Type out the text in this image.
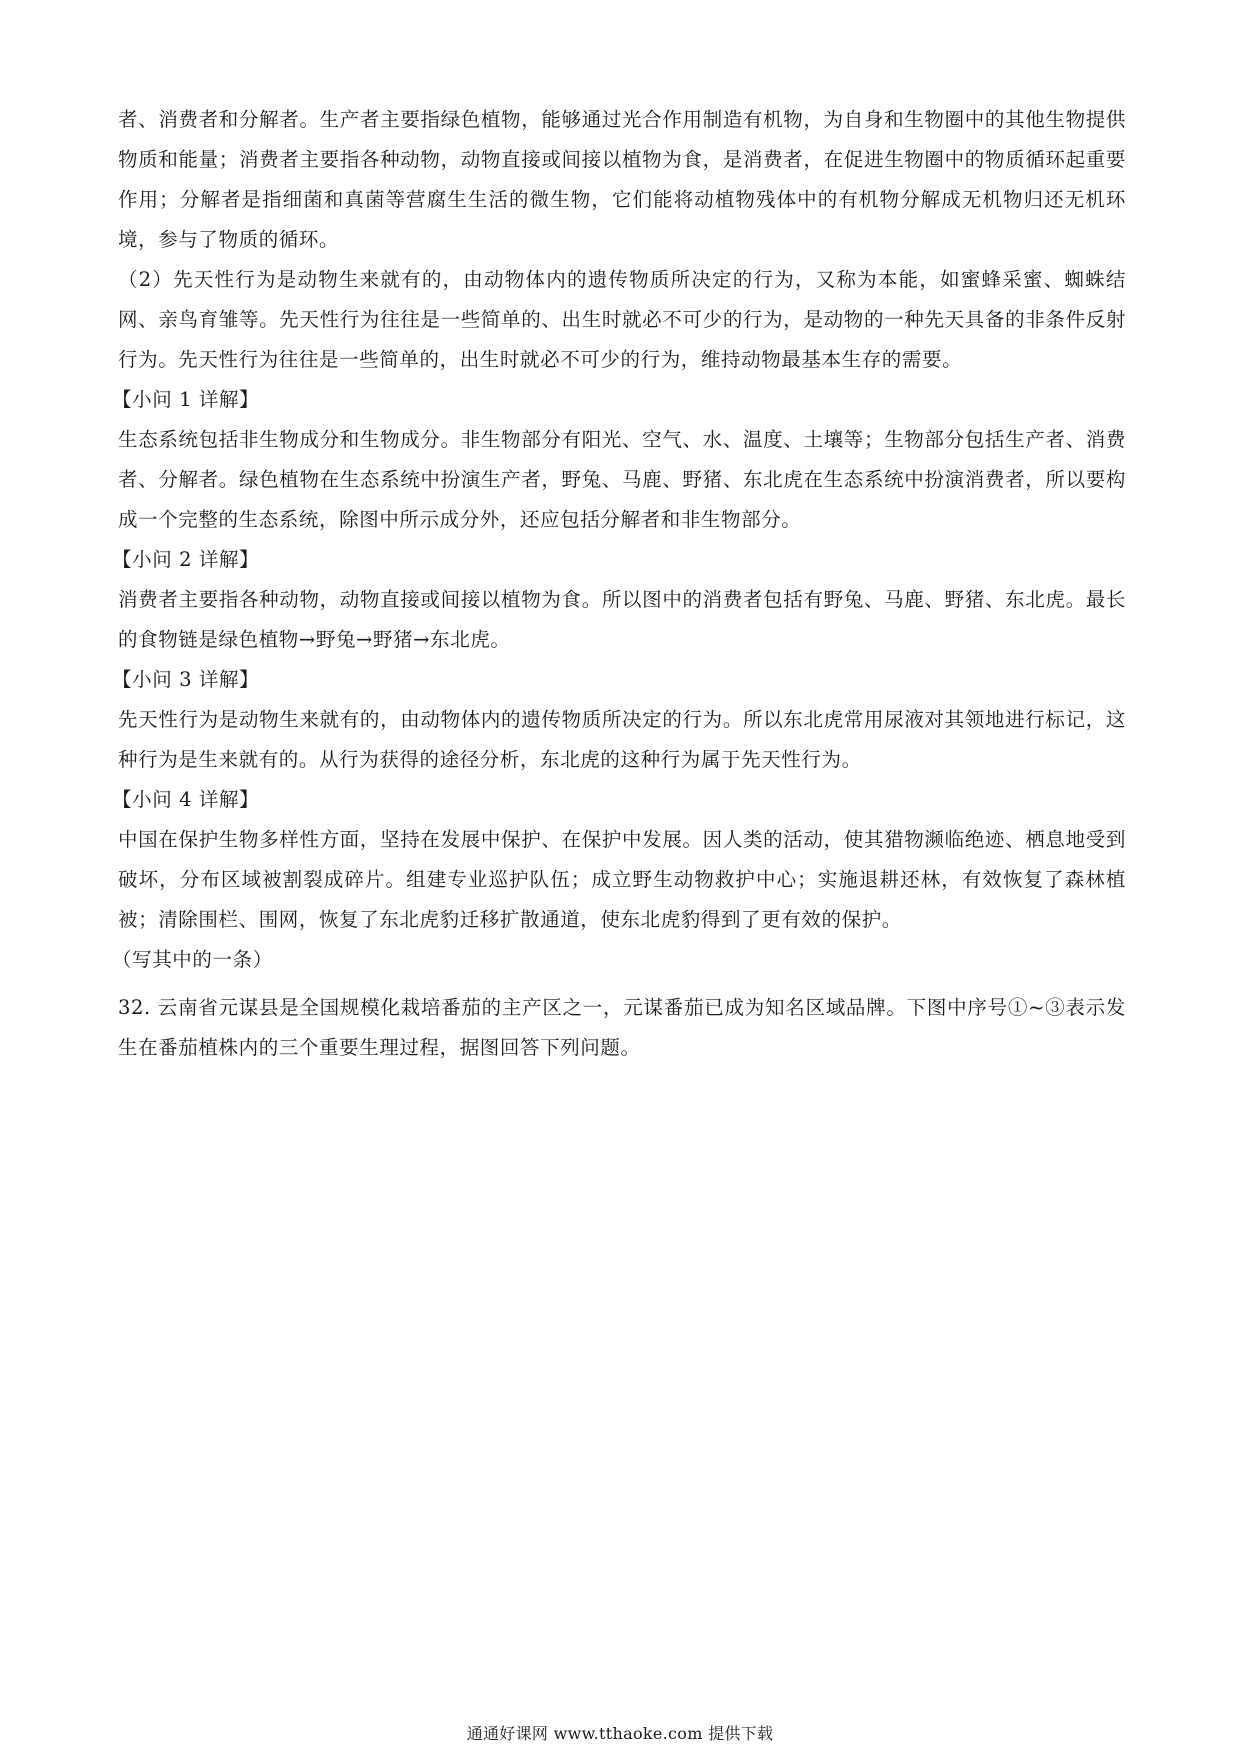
者、消费者和分解者。生产者主要指绿色植物，能够通过光合作用制造有机物，为自身和生物圈中的其他生物提供物质和能量；消费者主要指各种动物，动物直接或间接以植物为食，是消费者，在促进生物圈中的物质循环起重要作用；分解者是指细菌和真菌等营腐生生活的微生物，它们能将动植物残体中的有机物分解成无机物归还无机环境，参与了物质的循环。

（2）先天性行为是动物生来就有的，由动物体内的遗传物质所决定的行为，又称为本能，如蜜蜂采蜜、蜘蛛结网、亲鸟育雏等。先天性行为往往是一些简单的、出生时就必不可少的行为，是动物的一种先天具备的非条件反射行为。先天性行为往往是一些简单的，出生时就必不可少的行为，维持动物最基本生存的需要。

【小问 1 详解】

生态系统包括非生物成分和生物成分。非生物部分有阳光、空气、水、温度、土壤等；生物部分包括生产者、消费者、分解者。绿色植物在生态系统中扮演生产者，野兔、马鹿、野猪、东北虎在生态系统中扮演消费者，所以要构成一个完整的生态系统，除图中所示成分外，还应包括分解者和非生物部分。

【小问 2 详解】

消费者主要指各种动物，动物直接或间接以植物为食。所以图中的消费者包括有野兔、马鹿、野猪、东北虎。最长的食物链是绿色植物→野兔→野猪→东北虎。

【小问 3 详解】

先天性行为是动物生来就有的，由动物体内的遗传物质所决定的行为。所以东北虎常用尿液对其领地进行标记，这种行为是生来就有的。从行为获得的途径分析，东北虎的这种行为属于先天性行为。

【小问 4 详解】

中国在保护生物多样性方面，坚持在发展中保护、在保护中发展。因人类的活动，使其猎物濒临绝迹、栖息地受到破坏，分布区域被割裂成碎片。组建专业巡护队伍；成立野生动物救护中心；实施退耕还林，有效恢复了森林植被；清除围栏、围网，恢复了东北虎豹迁移扩散通道，使东北虎豹得到了更有效的保护。

（写其中的一条）

32. 云南省元谋县是全国规模化栽培番茄的主产区之一，元谋番茄已成为知名区域品牌。下图中序号①~③表示发生在番茄植株内的三个重要生理过程，据图回答下列问题。

通通好课网 www.tthaoke.com 提供下载
